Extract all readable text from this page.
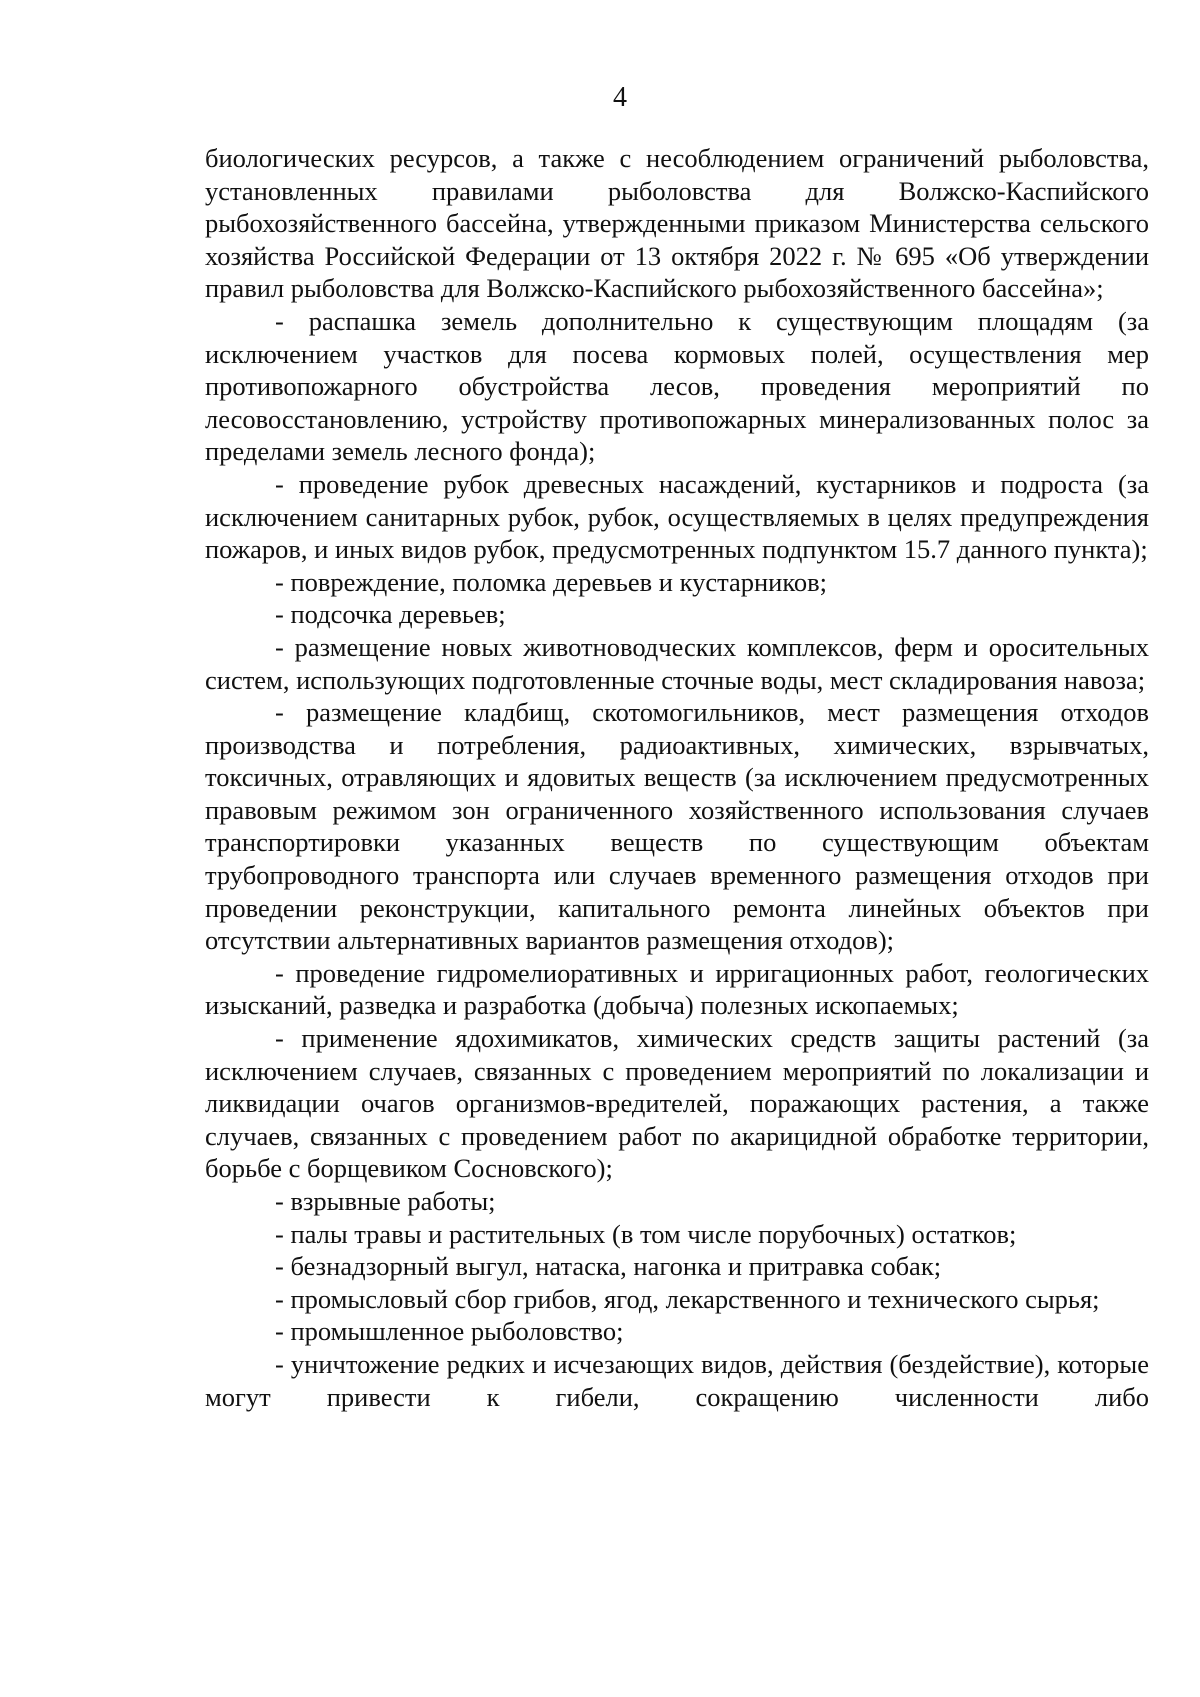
4

биологических ресурсов, а также с несоблюдением ограничений рыболовства, установленных правилами рыболовства для Волжско-Каспийского рыбохозяйственного бассейна, утвержденными приказом Министерства сельского хозяйства Российской Федерации от 13 октября 2022 г. № 695 «Об утверждении правил рыболовства для Волжско-Каспийского рыбохозяйственного бассейна»;

- распашка земель дополнительно к существующим площадям (за исключением участков для посева кормовых полей, осуществления мер противопожарного обустройства лесов, проведения мероприятий по лесовосстановлению, устройству противопожарных минерализованных полос за пределами земель лесного фонда);

- проведение рубок древесных насаждений, кустарников и подроста (за исключением санитарных рубок, рубок, осуществляемых в целях предупреждения пожаров, и иных видов рубок, предусмотренных подпунктом 15.7 данного пункта);

- повреждение, поломка деревьев и кустарников;

- подсочка деревьев;

- размещение новых животноводческих комплексов, ферм и оросительных систем, использующих подготовленные сточные воды, мест складирования навоза;

- размещение кладбищ, скотомогильников, мест размещения отходов производства и потребления, радиоактивных, химических, взрывчатых, токсичных, отравляющих и ядовитых веществ (за исключением предусмотренных правовым режимом зон ограниченного хозяйственного использования случаев транспортировки указанных веществ по существующим объектам трубопроводного транспорта или случаев временного размещения отходов при проведении реконструкции, капитального ремонта линейных объектов при отсутствии альтернативных вариантов размещения отходов);

- проведение гидромелиоративных и ирригационных работ, геологических изысканий, разведка и разработка (добыча) полезных ископаемых;

- применение ядохимикатов, химических средств защиты растений (за исключением случаев, связанных с проведением мероприятий по локализации и ликвидации очагов организмов-вредителей, поражающих растения, а также случаев, связанных с проведением работ по акарицидной обработке территории, борьбе с борщевиком Сосновского);

- взрывные работы;

- палы травы и растительных (в том числе порубочных) остатков;

- безнадзорный выгул, натаска, нагонка и притравка собак;

- промысловый сбор грибов, ягод, лекарственного и технического сырья;

- промышленное рыболовство;

- уничтожение редких и исчезающих видов, действия (бездействие), которые могут привести к гибели, сокращению численности либо
